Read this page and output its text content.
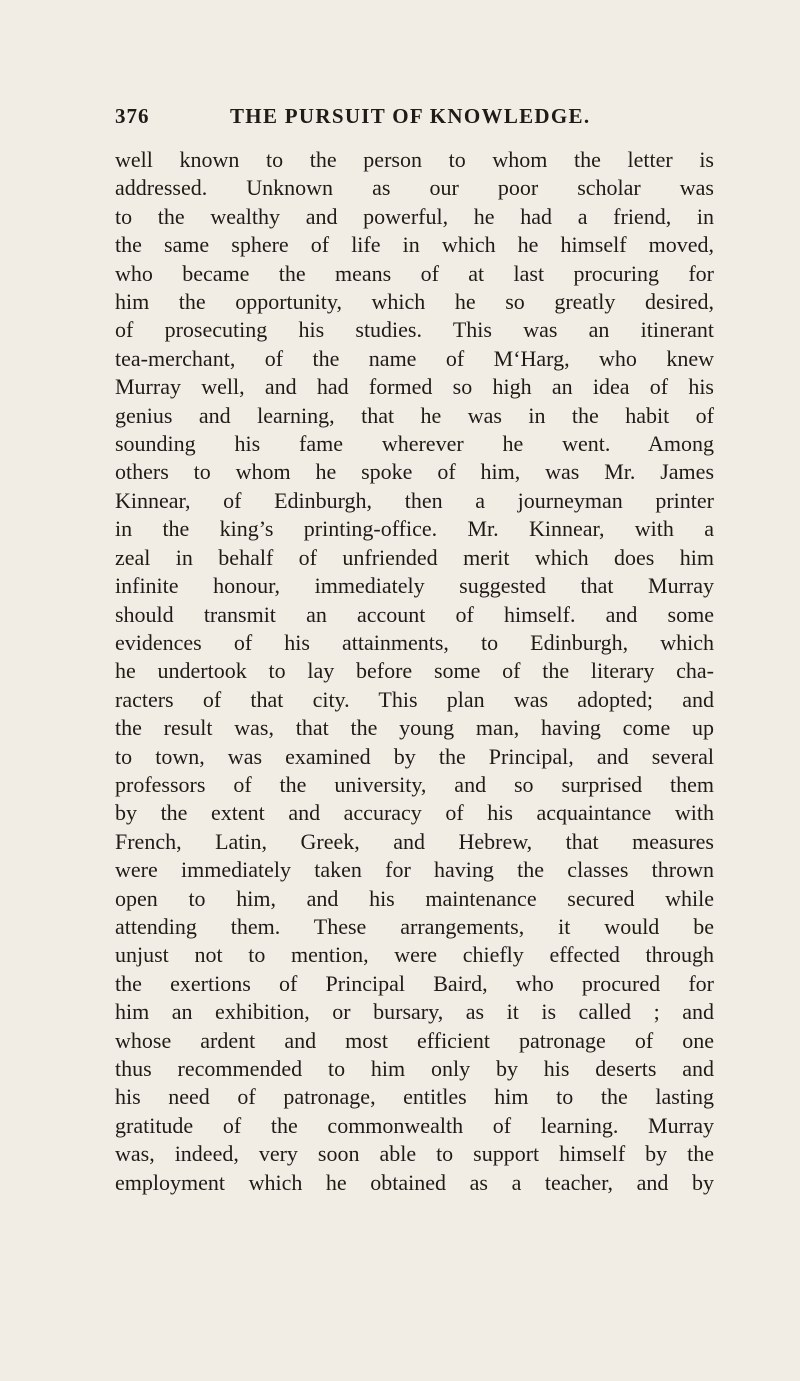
376	THE PURSUIT OF KNOWLEDGE.
well known to the person to whom the letter is
addressed. Unknown as our poor scholar was
to the wealthy and powerful, he had a friend, in
the same sphere of life in which he himself moved,
who became the means of at last procuring for
him the opportunity, which he so greatly desired,
of prosecuting his studies. This was an itinerant
tea-merchant, of the name of M‘Harg, who knew
Murray well, and had formed so high an idea of his
genius and learning, that he was in the habit of
sounding his fame wherever he went. Among
others to whom he spoke of him, was Mr. James
Kinnear, of Edinburgh, then a journeyman printer
in the king’s printing-office. Mr. Kinnear, with a
zeal in behalf of unfriended merit which does him
infinite honour, immediately suggested that Murray
should transmit an account of himself. and some
evidences of his attainments, to Edinburgh, which
he undertook to lay before some of the literary cha-
racters of that city. This plan was adopted; and
the result was, that the young man, having come up
to town, was examined by the Principal, and several
professors of the university, and so surprised them
by the extent and accuracy of his acquaintance with
French, Latin, Greek, and Hebrew, that measures
were immediately taken for having the classes thrown
open to him, and his maintenance secured while
attending them. These arrangements, it would be
unjust not to mention, were chiefly effected through
the exertions of Principal Baird, who procured for
him an exhibition, or bursary, as it is called ; and
whose ardent and most efficient patronage of one
thus recommended to him only by his deserts and
his need of patronage, entitles him to the lasting
gratitude of the commonwealth of learning. Murray
was, indeed, very soon able to support himself by the
employment which he obtained as a teacher, and by
